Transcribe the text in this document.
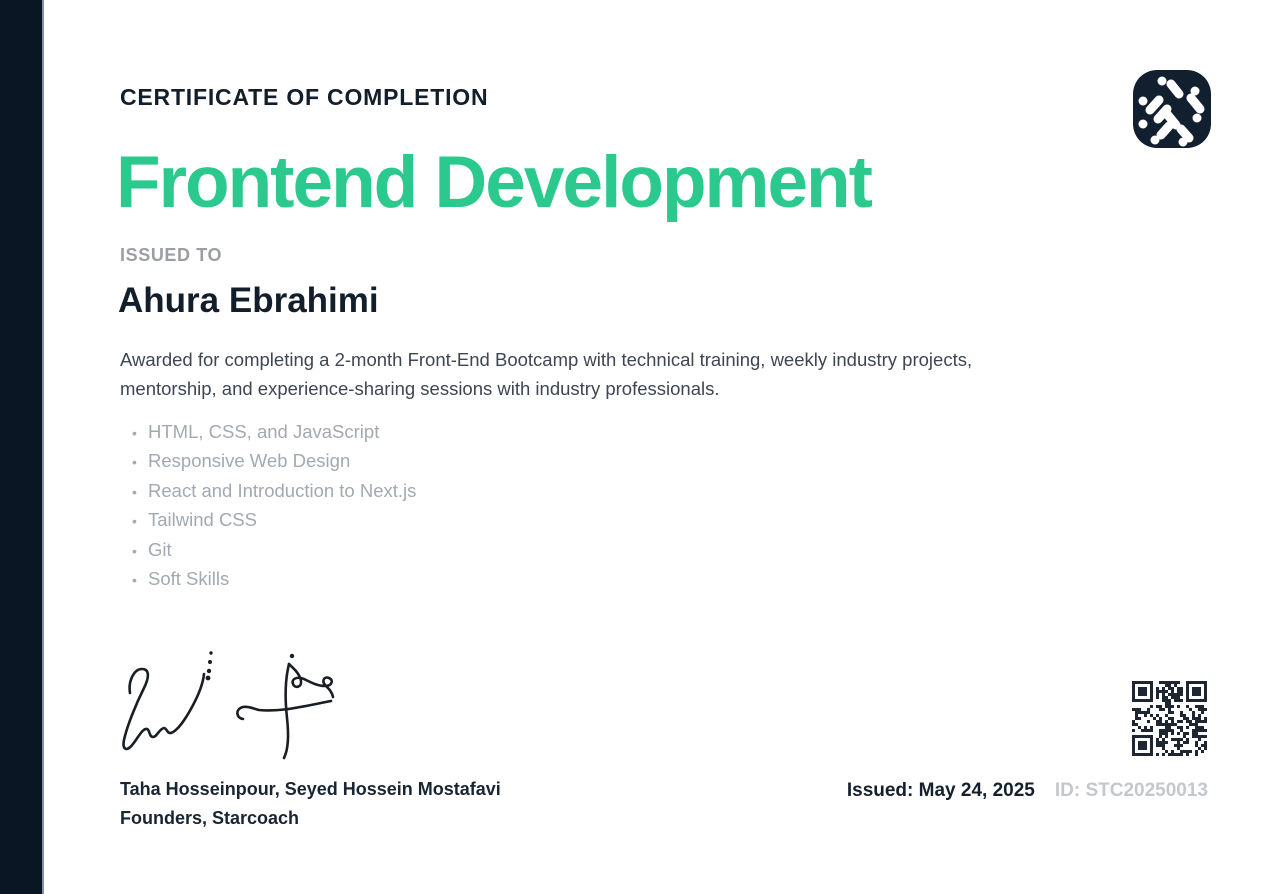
CERTIFICATE OF COMPLETION
Frontend Development
ISSUED TO
Ahura Ebrahimi

Awarded for completing a 2-month Front-End Bootcamp with technical training, weekly industry projects, mentorship, and experience-sharing sessions with industry professionals.

• HTML, CSS, and JavaScript
• Responsive Web Design
• React and Introduction to Next.js
• Tailwind CSS
• Git
• Soft Skills
Taha Hosseinpour, Seyed Hossein Mostafavi
Founders, Starcoach
Issued: May 24, 2025 ID: STC20250013
